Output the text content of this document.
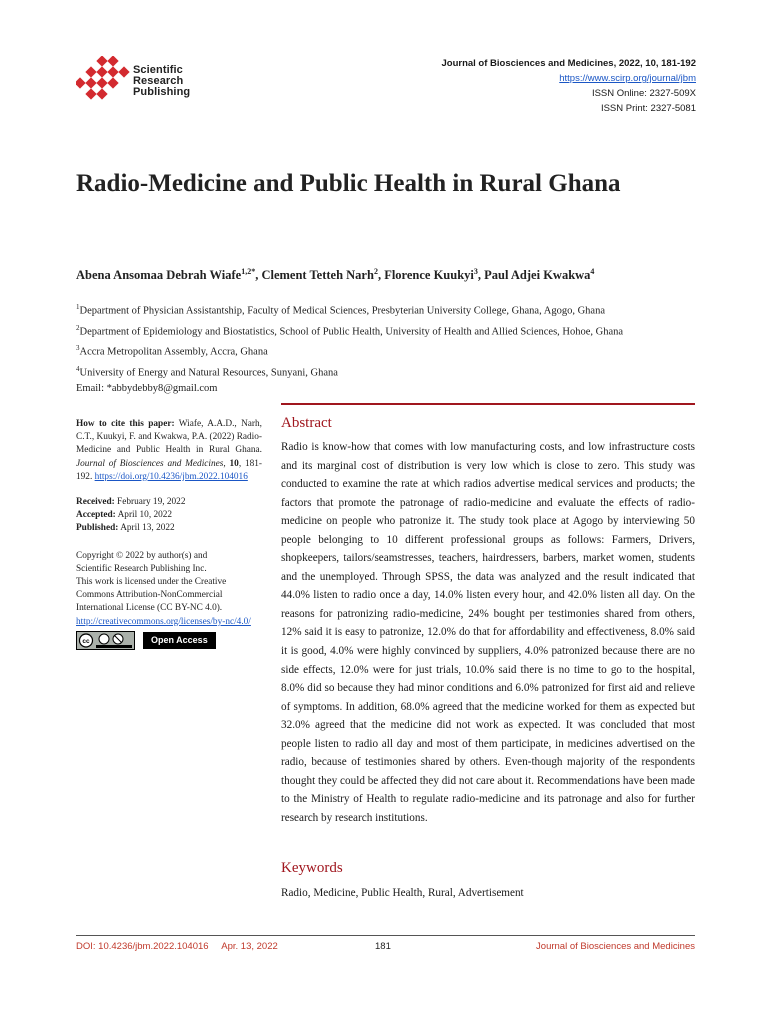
Scientific
Research
Publishing
Journal of Biosciences and Medicines, 2022, 10, 181-192
https://www.scirp.org/journal/jbm
ISSN Online: 2327-509X
ISSN Print: 2327-5081
Radio-Medicine and Public Health in Rural Ghana
Abena Ansomaa Debrah Wiafe$^{1,2*}$, Clement Tetteh Narh$^2$, Florence Kuukyi$^3$, Paul Adjei Kwakwa$^4$
$^1$Department of Physician Assistantship, Faculty of Medical Sciences, Presbyterian University College, Ghana, Agogo, Ghana
$^2$Department of Epidemiology and Biostatistics, School of Public Health, University of Health and Allied Sciences, Hohoe, Ghana
$^3$Accra Metropolitan Assembly, Accra, Ghana
$^4$University of Energy and Natural Resources, Sunyani, Ghana
Email: *abbydebby8@gmail.com
How to cite this paper: Wiafe, A.A.D., Narh, C.T., Kuukyi, F. and Kwakwa, P.A. (2022) Radio-Medicine and Public Health in Rural Ghana. Journal of Biosciences and Medicines, 10, 181-192. https://doi.org/10.4236/jbm.2022.104016
Received: February 19, 2022
Accepted: April 10, 2022
Published: April 13, 2022
Copyright © 2022 by author(s) and
Scientific Research Publishing Inc.
This work is licensed under the Creative
Commons Attribution-NonCommercial
International License (CC BY-NC 4.0).
http://creativecommons.org/licenses/by-nc/4.0/
cc	Open Access
Abstract
Radio is know-how that comes with low manufacturing costs, and low infrastructure costs and its marginal cost of distribution is very low which is close to zero. This study was conducted to examine the rate at which radios advertise medical services and products; the factors that promote the patronage of radio-medicine and evaluate the effects of radio-medicine on people who patronize it. The study took place at Agogo by interviewing 50 people belonging to 10 different professional groups as follows: Farmers, Drivers, shopkeepers, tailors/seamstresses, teachers, hairdressers, barbers, market women, students and the unemployed. Through SPSS, the data was analyzed and the result indicated that 44.0% listen to radio once a day, 14.0% listen every hour, and 42.0% listen all day. On the reasons for patronizing radio-medicine, 24% bought per testimonies shared from others, 12% said it is easy to patronize, 12.0% do that for affordability and effectiveness, 8.0% said it is good, 4.0% were highly convinced by suppliers, 4.0% patronized because there are no side effects, 12.0% were for just trials, 10.0% said there is no time to go to the hospital, 8.0% did so because they had minor conditions and 6.0% patronized for first aid and relieve of symptoms. In addition, 68.0% agreed that the medicine worked for them as expected but 32.0% agreed that the medicine did not work as expected. It was concluded that most people listen to radio all day and most of them participate, in medicines advertised on the radio, because of testimonies shared by others. Even-though majority of the respondents thought they could be affected they did not care about it. Recommendations have been made to the Ministry of Health to regulate radio-medicine and its patronage and also for further research by research institutions.
Keywords
Radio, Medicine, Public Health, Rural, Advertisement
DOI: 10.4236/jbm.2022.104016     Apr. 13, 2022	181	Journal of Biosciences and Medicines
